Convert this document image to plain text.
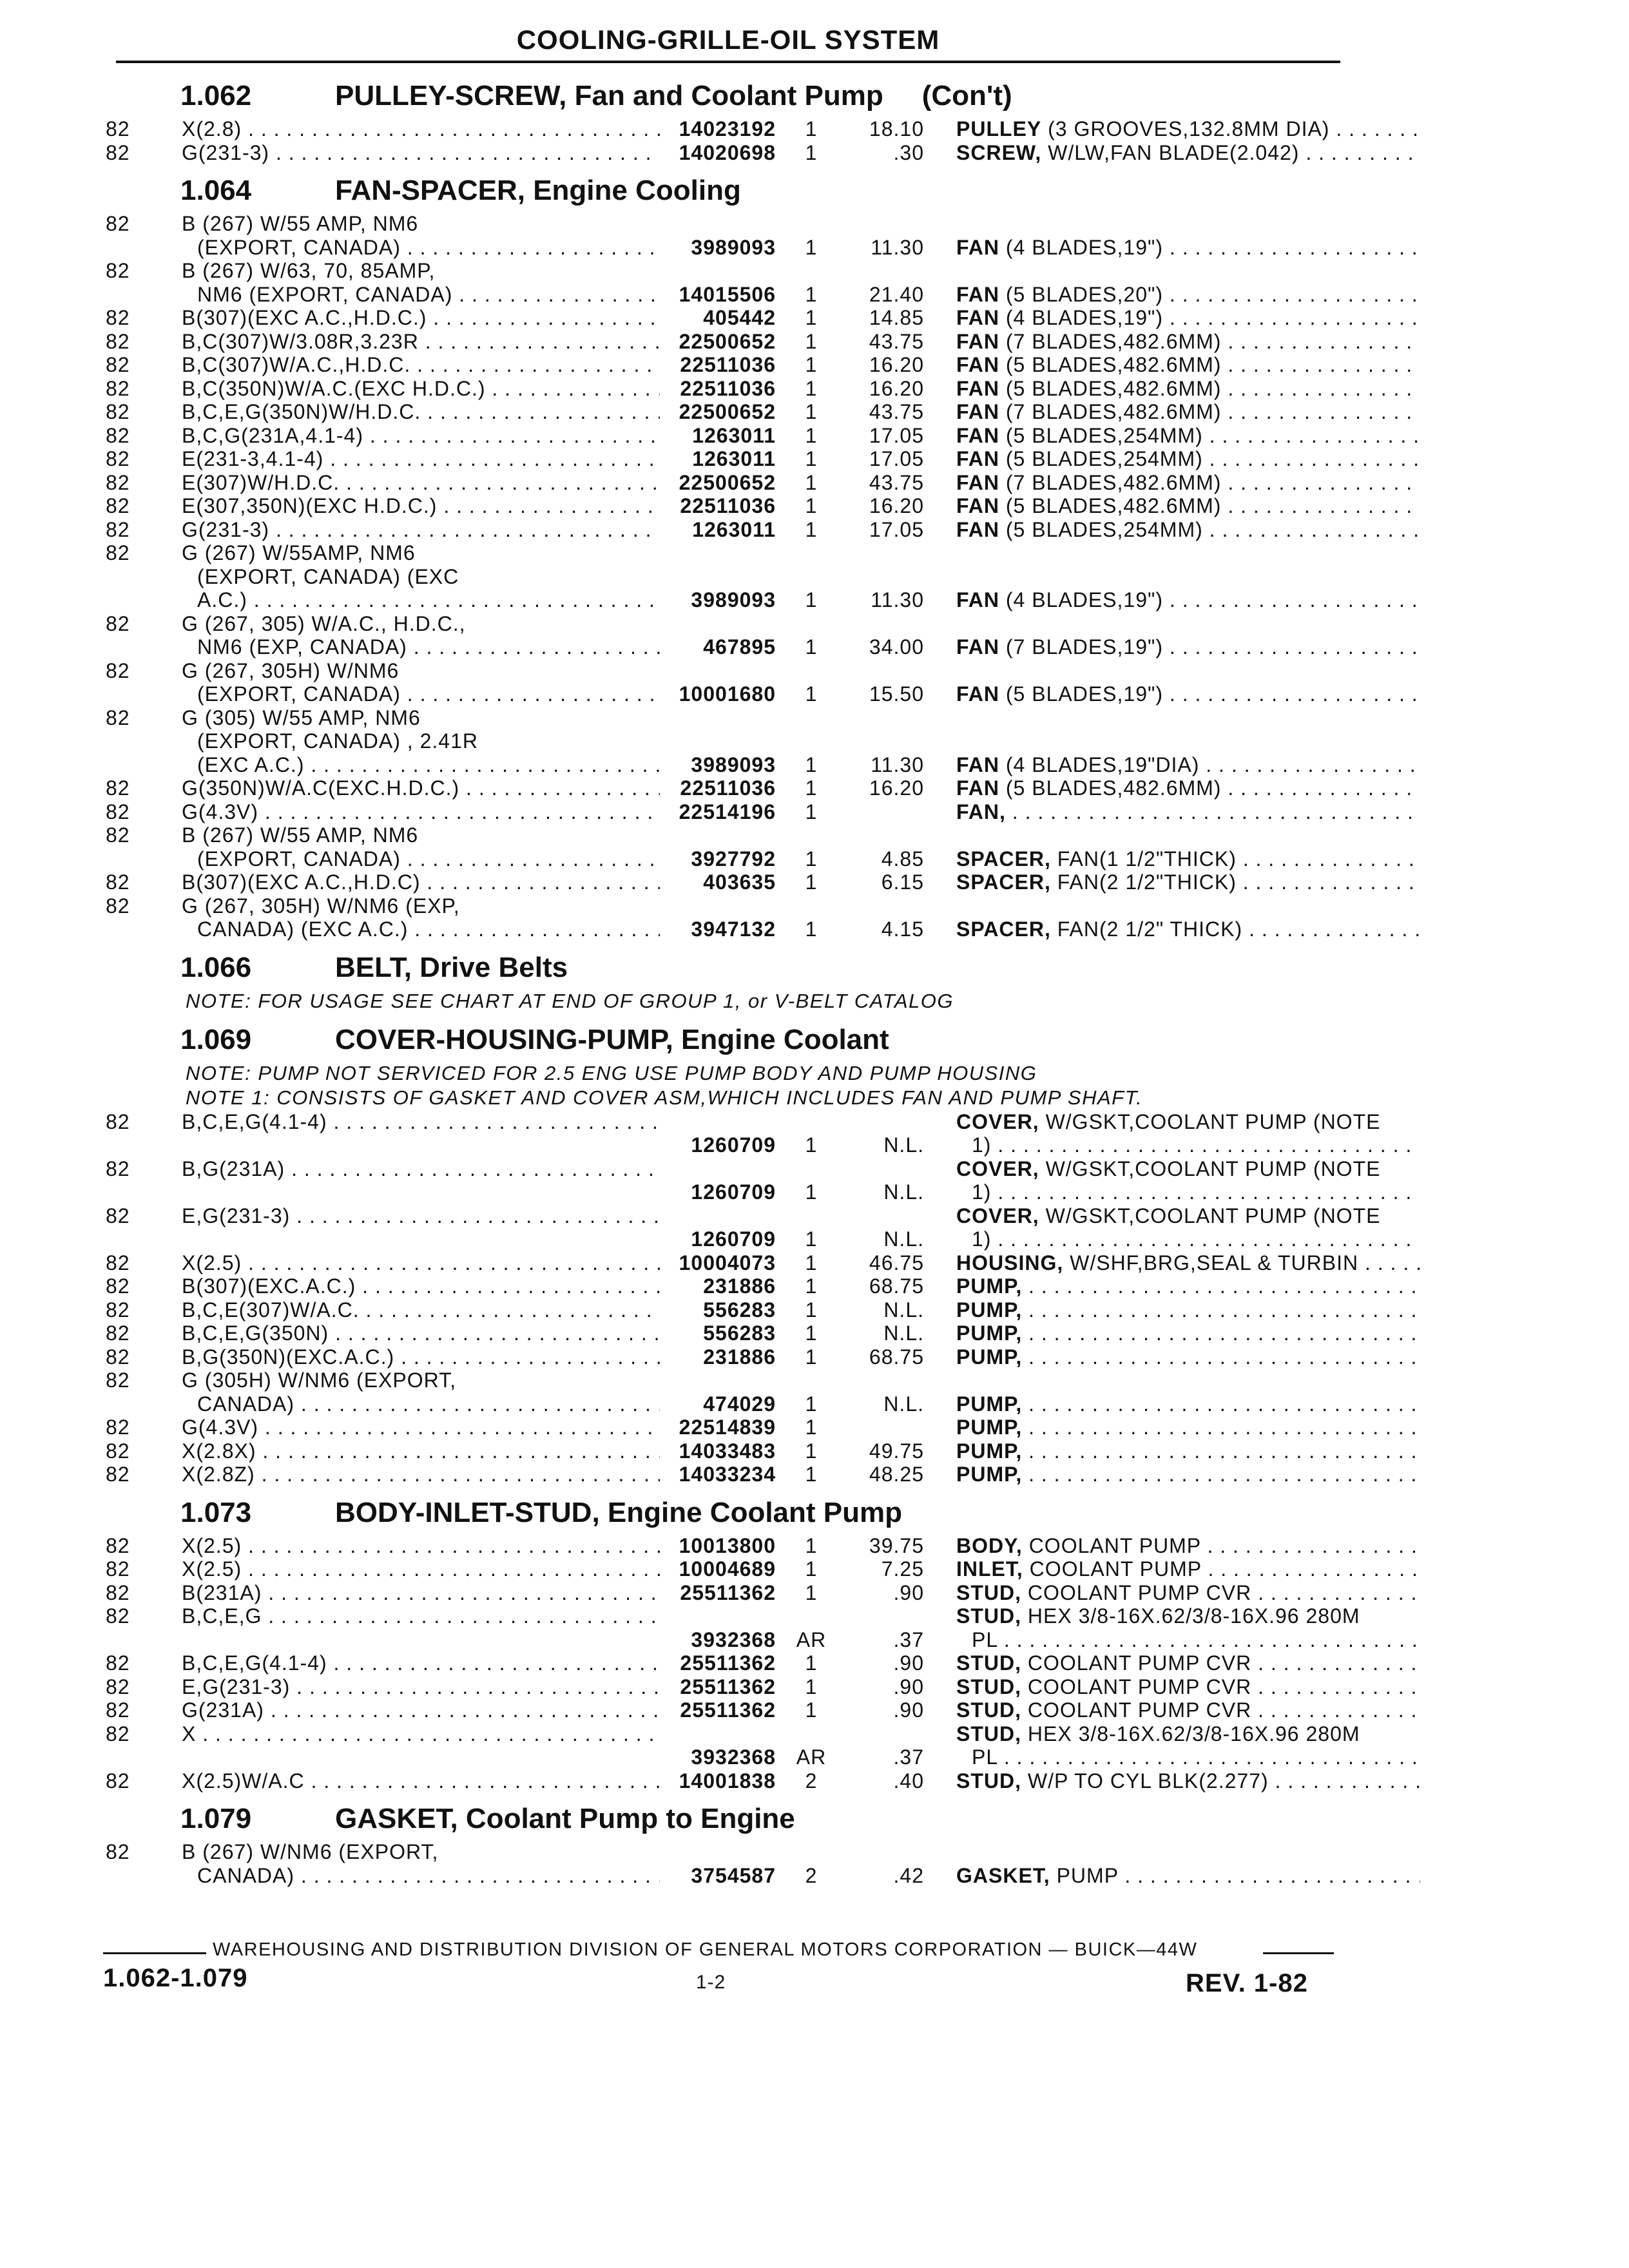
COOLING-GRILLE-OIL SYSTEM
1.062	PULLEY-SCREW, Fan and Coolant Pump (Con't)
82	X(2.8) . . .	14023192	1	18.10 PULLEY (3 GROOVES,132.8MM DIA) . . .
82	G(231-3) . . .	14020698	1	.30 SCREW, W/LW,FAN BLADE(2.042) . . .
1.064	FAN-SPACER, Engine Cooling
82	B (267) W/55 AMP, NM6
(EXPORT, CANADA) . . .	3989093	1	11.30 FAN (4 BLADES,19") . . .
82	B (267) W/63, 70, 85AMP,
NM6 (EXPORT, CANADA) . . .	14015506	1	21.40 FAN (5 BLADES,20") . . .
82	B(307)(EXC A.C.,H.D.C.) . . .	405442	1	14.85 FAN (4 BLADES,19") . . .
82	B,C(307)W/3.08R,3.23R . . .	22500652	1	43.75 FAN (7 BLADES,482.6MM) . . .
82	B,C(307)W/A.C.,H.D.C. . . .	22511036	1	16.20 FAN (5 BLADES,482.6MM) . . .
82	B,C(350N)W/A.C.(EXC H.D.C.) . . .	22511036	1	16.20 FAN (5 BLADES,482.6MM) . . .
82	B,C,E,G(350N)W/H.D.C. . . .	22500652	1	43.75 FAN (7 BLADES,482.6MM) . . .
82	B,C,G(231A,4.1-4) . . .	1263011	1	17.05 FAN (5 BLADES,254MM) . . .
82	E(231-3,4.1-4) . . .	1263011	1	17.05 FAN (5 BLADES,254MM) . . .
82	E(307)W/H.D.C. . . .	22500652	1	43.75 FAN (7 BLADES,482.6MM) . . .
82	E(307,350N)(EXC H.D.C.) . . .	22511036	1	16.20 FAN (5 BLADES,482.6MM) . . .
82	G(231-3) . . .	1263011	1	17.05 FAN (5 BLADES,254MM) . . .
82	G (267) W/55AMP, NM6
(EXPORT, CANADA) (EXC
A.C.) . . .	3989093	1	11.30 FAN (4 BLADES,19") . . .
82	G (267, 305) W/A.C., H.D.C.,
NM6 (EXP, CANADA) . . .	467895	1	34.00 FAN (7 BLADES,19") . . .
82	G (267, 305H) W/NM6
(EXPORT, CANADA) . . .	10001680	1	15.50 FAN (5 BLADES,19") . . .
82	G (305) W/55 AMP, NM6
(EXPORT, CANADA) , 2.41R
(EXC A.C.) . . .	3989093	1	11.30 FAN (4 BLADES,19"DIA) . . .
82	G(350N)W/A.C(EXC.H.D.C.) . . .	22511036	1	16.20 FAN (5 BLADES,482.6MM) . . .
82	G(4.3V) . . .	22514196	1	FAN, . . .
82	B (267) W/55 AMP, NM6
(EXPORT, CANADA) . . .	3927792	1	4.85 SPACER, FAN(1 1/2"THICK) . . .
82	B(307)(EXC A.C.,H.D.C) . . .	403635	1	6.15 SPACER, FAN(2 1/2"THICK) . . .
82	G (267, 305H) W/NM6 (EXP,
CANADA) (EXC A.C.) . . .	3947132	1	4.15 SPACER, FAN(2 1/2" THICK) . . .
1.066	BELT, Drive Belts
NOTE: FOR USAGE SEE CHART AT END OF GROUP 1, or V-BELT CATALOG
1.069	COVER-HOUSING-PUMP, Engine Coolant
NOTE: PUMP NOT SERVICED FOR 2.5 ENG USE PUMP BODY AND PUMP HOUSING
NOTE 1: CONSISTS OF GASKET AND COVER ASM,WHICH INCLUDES FAN AND PUMP SHAFT.
82	B,C,E,G(4.1-4) . . .
1260709	1	N.L.
COVER, W/GSKT,COOLANT PUMP (NOTE
1) . . .
82	B,G(231A) . . .
1260709	1	N.L.
COVER, W/GSKT,COOLANT PUMP (NOTE
1) . . .
82	E,G(231-3) . . .
1260709	1	N.L.
COVER, W/GSKT,COOLANT PUMP (NOTE
1) . . .
82	X(2.5) . . .	10004073	1	46.75 HOUSING, W/SHF,BRG,SEAL & TURBIN . . .
82	B(307)(EXC.A.C.) . . .	231886	1	68.75 PUMP, . . .
82	B,C,E(307)W/A.C. . . .	556283	1	N.L. PUMP, . . .
82	B,C,E,G(350N) . . .	556283	1	N.L. PUMP, . . .
82	B,G(350N)(EXC.A.C.) . . .	231886	1	68.75 PUMP, . . .
82	G (305H) W/NM6 (EXPORT,
CANADA) . . .	474029	1	N.L. PUMP, . . .
82	G(4.3V) . . .	22514839	1	PUMP, . . .
82	X(2.8X) . . .	14033483	1	49.75 PUMP, . . .
82	X(2.8Z) . . .	14033234	1	48.25 PUMP, . . .
1.073	BODY-INLET-STUD, Engine Coolant Pump
82	X(2.5) . . .	10013800	1	39.75 BODY, COOLANT PUMP . . .
82	X(2.5) . . .	10004689	1	7.25 INLET, COOLANT PUMP . . .
82	B(231A) . . .	25511362	1	.90 STUD, COOLANT PUMP CVR . . .
82	B,C,E,G . . .
3932368 AR	.37
STUD, HEX 3/8-16X.62/3/8-16X.96 280M
PL . . .
82	B,C,E,G(4.1-4) . . .	25511362	1	.90 STUD, COOLANT PUMP CVR . . .
82	E,G(231-3) . . .	25511362	1	.90 STUD, COOLANT PUMP CVR . . .
82	G(231A) . . .	25511362	1	.90 STUD, COOLANT PUMP CVR . . .
82	X . . .
3932368 AR	.37
STUD, HEX 3/8-16X.62/3/8-16X.96 280M
PL . . .
82	X(2.5)W/A.C . . .	14001838	2	.40 STUD, W/P TO CYL BLK(2.277) . . .
1.079	GASKET, Coolant Pump to Engine
82	B (267) W/NM6 (EXPORT,
CANADA) . . .	3754587	2	.42 GASKET, PUMP . . .
WAREHOUSING AND DISTRIBUTION DIVISION OF GENERAL MOTORS CORPORATION — BUICK—44W
1.062-1.079	1-2	REV. 1-82
